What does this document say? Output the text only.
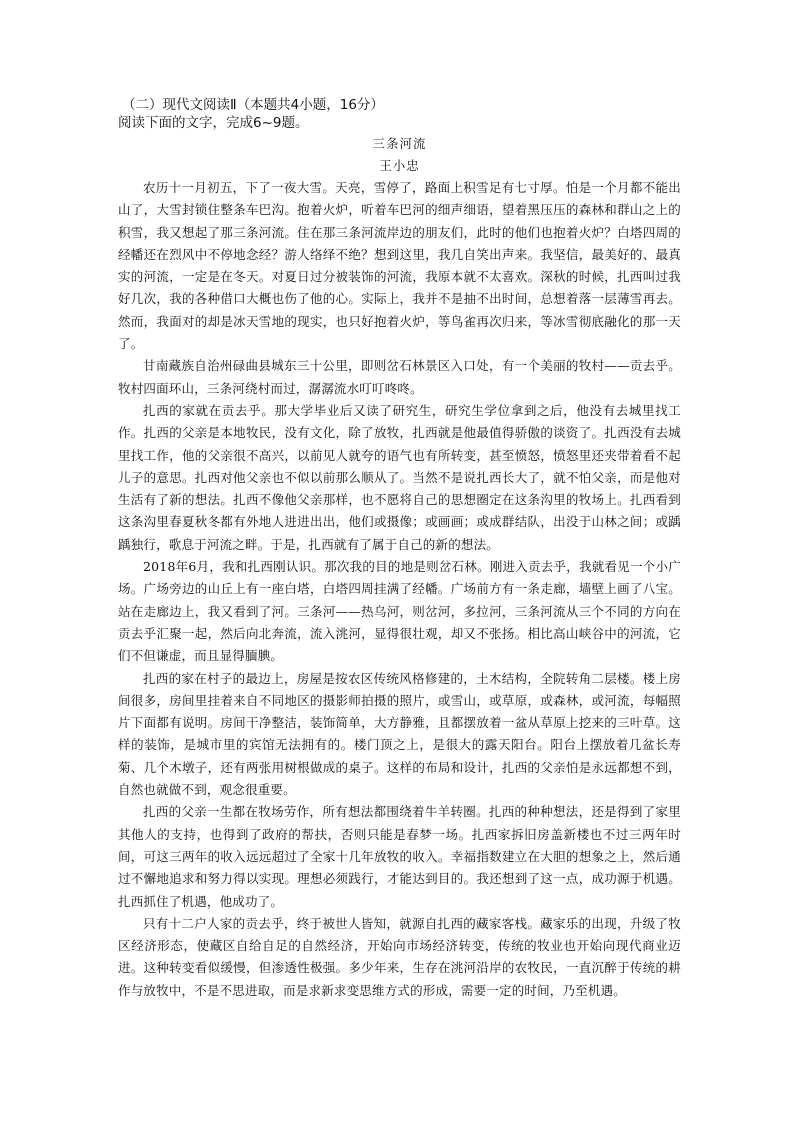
（二）现代文阅读Ⅱ（本题共4小题，16分）

阅读下面的文字，完成6~9题。

三条河流

王小忠

农历十一月初五，下了一夜大雪。天亮，雪停了，路面上积雪足有七寸厚。怕是一个月都不能出山了，大雪封锁住整条车巴沟。抱着火炉，听着车巴河的细声细语，望着黑压压的森林和群山之上的积雪，我又想起了那三条河流。住在那三条河流岸边的朋友们，此时的他们也抱着火炉？白塔四周的经幡还在烈风中不停地念经？游人络绎不绝？想到这里，我几自笑出声来。我坚信，最美好的、最真实的河流，一定是在冬天。对夏日过分被装饰的河流，我原本就不太喜欢。深秋的时候，扎西叫过我好几次，我的各种借口大概也伤了他的心。实际上，我并不是抽不出时间，总想着落一层薄雪再去。然而，我面对的却是冰天雪地的现实，也只好抱着火炉，等鸟雀再次归来，等冰雪彻底融化的那一天了。

甘南藏族自治州碌曲县城东三十公里，即则岔石林景区入口处，有一个美丽的牧村——贡去乎。牧村四面环山，三条河绕村而过，潺潺流水叮叮咚咚。

扎西的家就在贡去乎。那大学毕业后又读了研究生，研究生学位拿到之后，他没有去城里找工作。扎西的父亲是本地牧民，没有文化，除了放牧，扎西就是他最值得骄傲的谈资了。扎西没有去城里找工作，他的父亲很不高兴，以前见人就夸的语气也有所转变，甚至愤怒，愤怒里还夹带着看不起儿子的意思。扎西对他父亲也不似以前那么顺从了。当然不是说扎西长大了，就不怕父亲，而是他对生活有了新的想法。扎西不像他父亲那样，也不愿将自己的思想圈定在这条沟里的牧场上。扎西看到这条沟里春夏秋冬都有外地人进进出出，他们或摄像；或画画；或成群结队，出没于山林之间；或踽踽独行，歌息于河流之畔。于是，扎西就有了属于自己的新的想法。

2018年6月，我和扎西刚认识。那次我的目的地是则岔石林。刚进入贡去乎，我就看见一个小广场。广场旁边的山丘上有一座白塔，白塔四周挂满了经幡。广场前方有一条走廊，墙壁上画了八宝。站在走廊边上，我又看到了河。三条河——热乌河，则岔河，多拉河，三条河流从三个不同的方向在贡去乎汇聚一起，然后向北奔流，流入洮河，显得很壮观，却又不张扬。相比高山峡谷中的河流，它们不但谦虚，而且显得腼腆。

扎西的家在村子的最边上，房屋是按农区传统风格修建的，土木结构，全院转角二层楼。楼上房间很多，房间里挂着来自不同地区的摄影师拍摄的照片，或雪山，或草原，或森林，或河流，每幅照片下面都有说明。房间干净整洁，装饰简单，大方静雅，且都摆放着一盆从草原上挖来的三叶草。这样的装饰，是城市里的宾馆无法拥有的。楼门顶之上，是很大的露天阳台。阳台上摆放着几盆长寿菊、几个木墩子，还有两张用树根做成的桌子。这样的布局和设计，扎西的父亲怕是永远都想不到，自然也就做不到，观念很重要。

扎西的父亲一生都在牧场劳作，所有想法都围绕着牛羊转圈。扎西的种种想法，还是得到了家里其他人的支持，也得到了政府的帮扶，否则只能是春梦一场。扎西家拆旧房盖新楼也不过三两年时间，可这三两年的收入远远超过了全家十几年放牧的收入。幸福指数建立在大胆的想象之上，然后通过不懈地追求和努力得以实现。理想必须践行，才能达到目的。我还想到了这一点，成功源于机遇。扎西抓住了机遇，他成功了。

只有十二户人家的贡去乎，终于被世人皆知，就源自扎西的藏家客栈。藏家乐的出现，升级了牧区经济形态，使藏区自给自足的自然经济，开始向市场经济转变，传统的牧业也开始向现代商业迈进。这种转变看似缓慢，但渗透性极强。多少年来，生存在洮河沿岸的农牧民，一直沉醉于传统的耕作与放牧中，不是不思进取，而是求新求变思维方式的形成，需要一定的时间，乃至机遇。
